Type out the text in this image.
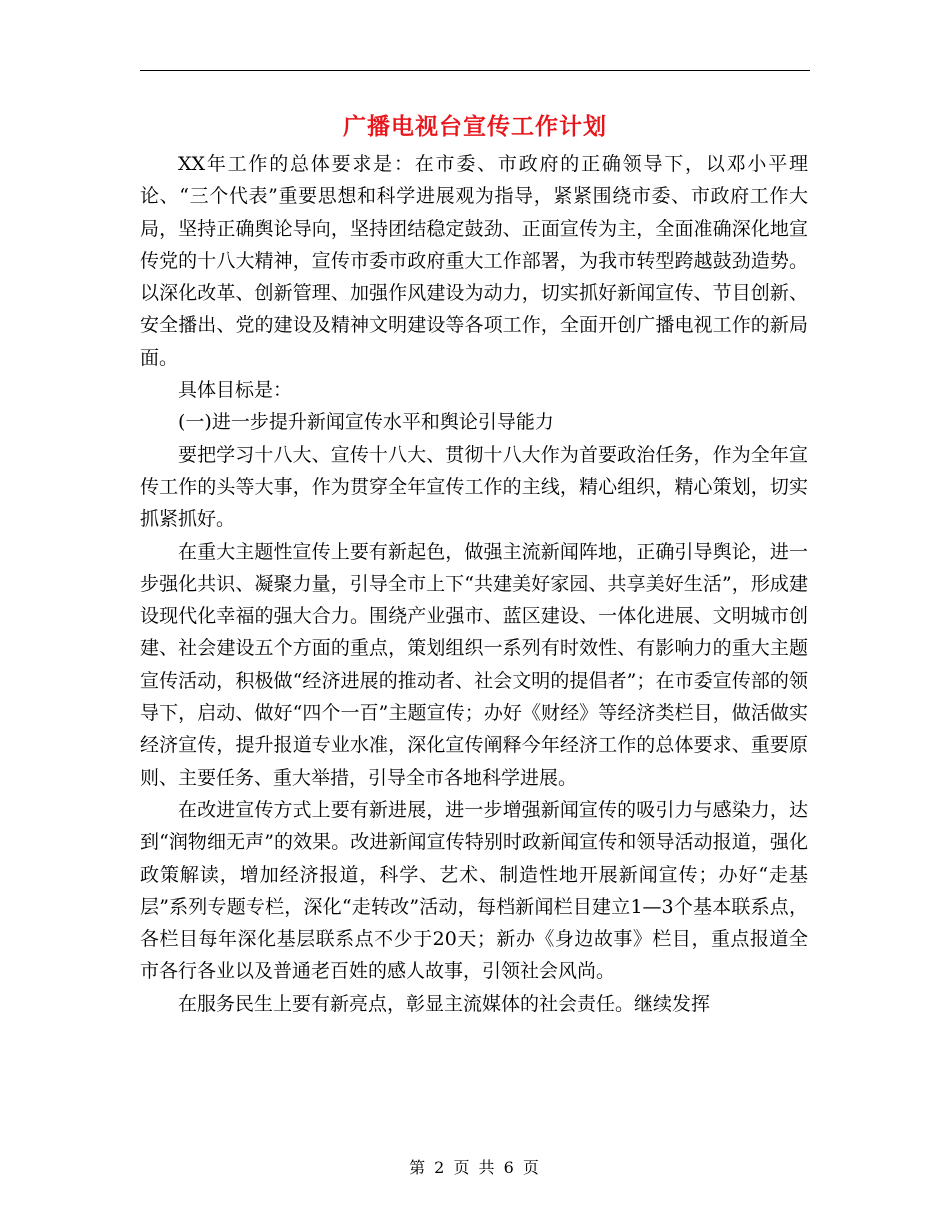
广播电视台宣传工作计划

XX年工作的总体要求是：在市委、市政府的正确领导下，以邓小平理论、“三个代表”重要思想和科学进展观为指导，紧紧围绕市委、市政府工作大局，坚持正确舆论导向，坚持团结稳定鼓劲、正面宣传为主，全面准确深化地宣传党的十八大精神，宣传市委市政府重大工作部署，为我市转型跨越鼓劲造势。以深化改革、创新管理、加强作风建设为动力，切实抓好新闻宣传、节目创新、安全播出、党的建设及精神文明建设等各项工作，全面开创广播电视工作的新局面。

具体目标是：

(一)进一步提升新闻宣传水平和舆论引导能力

要把学习十八大、宣传十八大、贯彻十八大作为首要政治任务，作为全年宣传工作的头等大事，作为贯穿全年宣传工作的主线，精心组织，精心策划，切实抓紧抓好。

在重大主题性宣传上要有新起色，做强主流新闻阵地，正确引导舆论，进一步强化共识、凝聚力量，引导全市上下“共建美好家园、共享美好生活”，形成建设现代化幸福的强大合力。围绕产业强市、蓝区建设、一体化进展、文明城市创建、社会建设五个方面的重点，策划组织一系列有时效性、有影响力的重大主题宣传活动，积极做“经济进展的推动者、社会文明的提倡者”；在市委宣传部的领导下，启动、做好“四个一百”主题宣传；办好《财经》等经济类栏目，做活做实经济宣传，提升报道专业水准，深化宣传阐释今年经济工作的总体要求、重要原则、主要任务、重大举措，引导全市各地科学进展。

在改进宣传方式上要有新进展，进一步增强新闻宣传的吸引力与感染力，达到“润物细无声”的效果。改进新闻宣传特别时政新闻宣传和领导活动报道，强化政策解读，增加经济报道，科学、艺术、制造性地开展新闻宣传；办好“走基层”系列专题专栏，深化“走转改”活动，每档新闻栏目建立1—3个基本联系点，各栏目每年深化基层联系点不少于20天；新办《身边故事》栏目，重点报道全市各行各业以及普通老百姓的感人故事，引领社会风尚。

在服务民生上要有新亮点，彰显主流媒体的社会责任。继续发挥

第 2 页 共 6 页
